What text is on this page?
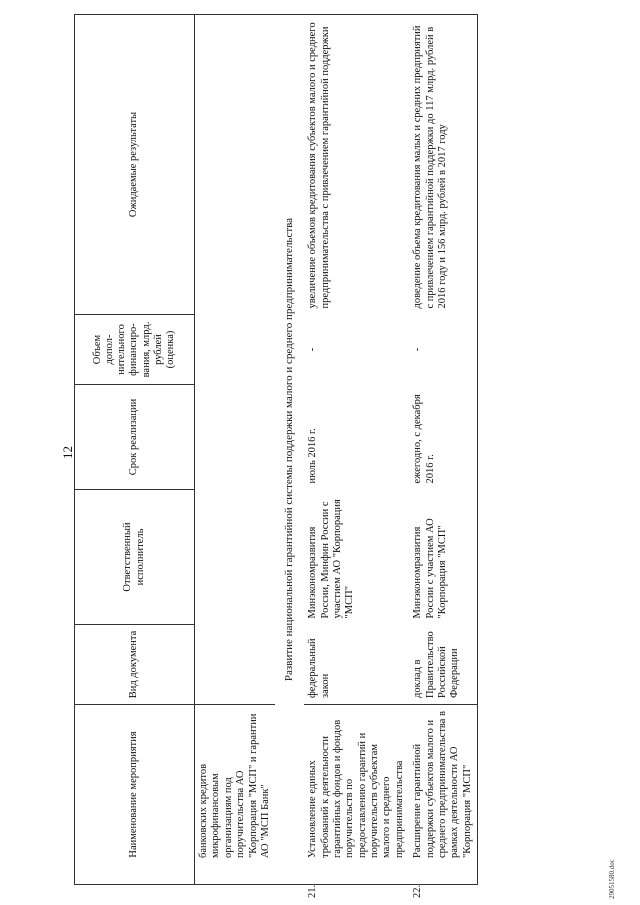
12
Наименование мероприятия	Вид документа	Ответственный исполнитель	Срок реализации	Объем допол-нительного финансиро-вания, млрд. рублей (оценка)	Ожидаемые результаты
банковских кредитов микрофинансовым организациям под поручительства АО "Корпорация "МСП" и гарантии АО "МСП Банк"					
Развитие национальной гарантийной системы поддержки малого и среднего предпринимательства					

21.Установление единых требований к деятельности гарантийных фондов и фондов поручительств по предоставлению гарантий и поручительств субъектам малого и среднего предпринимательства	федеральный закон	Минэкономразвития России, Минфин России с участием АО "Корпорация "МСП"	июль 2016 г.	-	увеличение объемов кредитования субъектов малого и среднего предпринимательства с привлечением гарантийной поддержки

22.Расширение гарантийной поддержки субъектов малого и среднего предпринимательства в рамках деятельности АО "Корпорация "МСП"	доклад в Правительство Российской Федерации	Минэкономразвития России с участием АО "Корпорация "МСП"	ежегодно, с декабря 2016 г.	-	доведение объема кредитования малых и средних предприятий с привлечением гарантийной поддержки до 117 млрд. рублей в 2016 году и 156 млрд. рублей в 2017 году
29051580.doc
